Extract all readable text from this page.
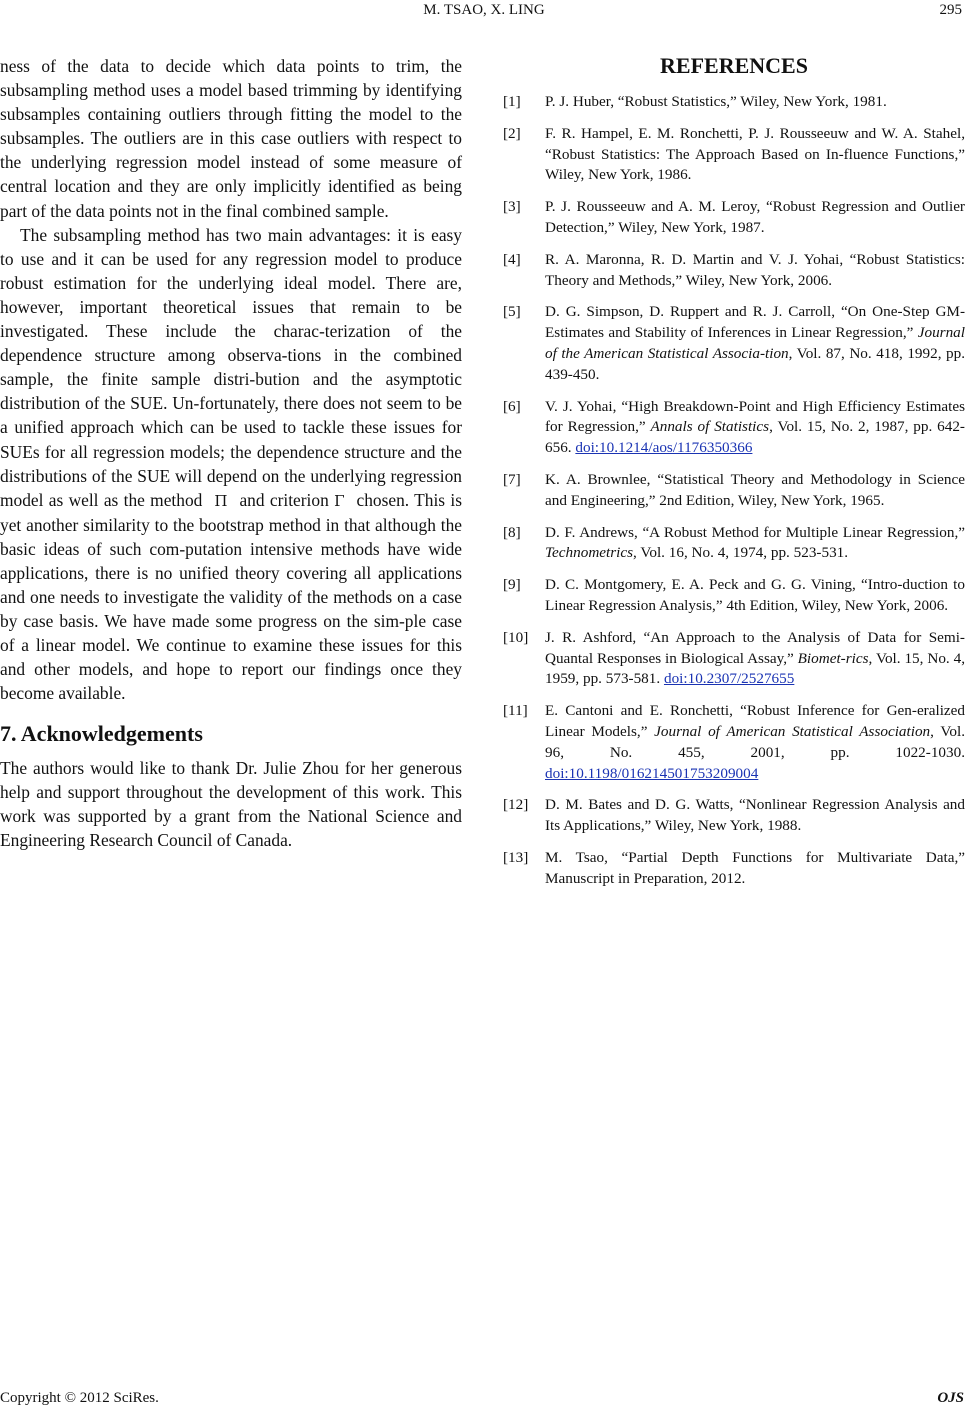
M. TSAO, X. LING	295

ness of the data to decide which data points to trim, the subsampling method uses a model based trimming by identifying subsamples containing outliers through fitting the model to the subsamples. The outliers are in this case outliers with respect to the underlying regression model instead of some measure of central location and they are only implicitly identified as being part of the data points not in the final combined sample.

The subsampling method has two main advantages: it is easy to use and it can be used for any regression model to produce robust estimation for the underlying ideal model. There are, however, important theoretical issues that remain to be investigated. These include the charac-terization of the dependence structure among observa-tions in the combined sample, the finite sample distri-bution and the asymptotic distribution of the SUE. Un-fortunately, there does not seem to be a unified approach which can be used to tackle these issues for SUEs for all regression models; the dependence structure and the distributions of the SUE will depend on the underlying regression model as well as the method Π and criterion Γ chosen. This is yet another similarity to the bootstrap method in that although the basic ideas of such com-putation intensive methods have wide applications, there is no unified theory covering all applications and one needs to investigate the validity of the methods on a case by case basis. We have made some progress on the sim-ple case of a linear model. We continue to examine these issues for this and other models, and hope to report our findings once they become available.

7. Acknowledgements

The authors would like to thank Dr. Julie Zhou for her generous help and support throughout the development of this work. This work was supported by a grant from the National Science and Engineering Research Council of Canada.

REFERENCES
[1]	P. J. Huber, “Robust Statistics,” Wiley, New York, 1981.
[2]	F. R. Hampel, E. M. Ronchetti, P. J. Rousseeuw and W. A. Stahel, “Robust Statistics: The Approach Based on In-fluence Functions,” Wiley, New York, 1986.
[3]	P. J. Rousseeuw and A. M. Leroy, “Robust Regression and Outlier Detection,” Wiley, New York, 1987.
[4]	R. A. Maronna, R. D. Martin and V. J. Yohai, “Robust Statistics: Theory and Methods,” Wiley, New York, 2006.
[5]	D. G. Simpson, D. Ruppert and R. J. Carroll, “On One-Step GM-Estimates and Stability of Inferences in Linear Regression,” Journal of the American Statistical Associa-tion, Vol. 87, No. 418, 1992, pp. 439-450.
[6]	V. J. Yohai, “High Breakdown-Point and High Efficiency Estimates for Regression,” Annals of Statistics, Vol. 15, No. 2, 1987, pp. 642-656. doi:10.1214/aos/1176350366
[7]	K. A. Brownlee, “Statistical Theory and Methodology in Science and Engineering,” 2nd Edition, Wiley, New York, 1965.
[8]	D. F. Andrews, “A Robust Method for Multiple Linear Regression,” Technometrics, Vol. 16, No. 4, 1974, pp. 523-531.
[9]	D. C. Montgomery, E. A. Peck and G. G. Vining, “Intro-duction to Linear Regression Analysis,” 4th Edition, Wiley, New York, 2006.
[10]	J. R. Ashford, “An Approach to the Analysis of Data for Semi-Quantal Responses in Biological Assay,” Biomet-rics, Vol. 15, No. 4, 1959, pp. 573-581. doi:10.2307/2527655
[11]	E. Cantoni and E. Ronchetti, “Robust Inference for Gen-eralized Linear Models,” Journal of American Statistical Association, Vol. 96, No. 455, 2001, pp. 1022-1030. doi:10.1198/016214501753209004
[12]	D. M. Bates and D. G. Watts, “Nonlinear Regression Analysis and Its Applications,” Wiley, New York, 1988.
[13]	M. Tsao, “Partial Depth Functions for Multivariate Data,” Manuscript in Preparation, 2012.
Copyright © 2012 SciRes.	OJS
